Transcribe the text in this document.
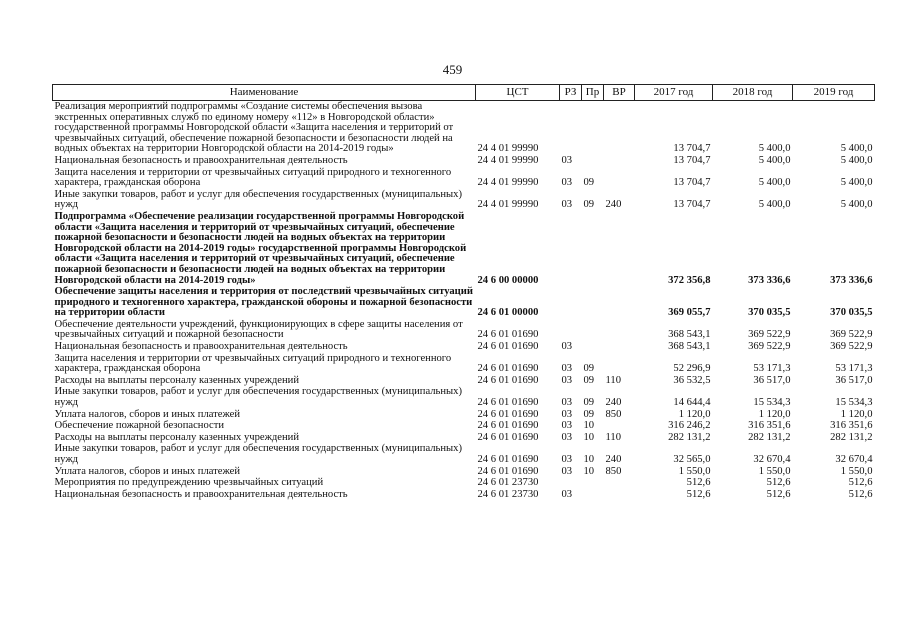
459
Наименование	ЦСТ	РЗ	Пр	ВР	2017 год	2018 год	2019 год
Реализация мероприятий подпрограммы «Создание системы обеспечения вызова экстренных оперативных служб по единому номеру «112» в Новгородской области» государственной программы Новгородской области «Защита населения и территорий от чрезвычайных ситуаций, обеспечение пожарной безопасности и безопасности людей на водных объектах на территории Новгородской области на 2014-2019 годы»	24 4 01 99990				13 704,7	5 400,0	5 400,0
Национальная безопасность и правоохранительная деятельность	24 4 01 99990	03			13 704,7	5 400,0	5 400,0
Защита населения и территории от чрезвычайных ситуаций природного и техногенного характера, гражданская оборона	24 4 01 99990	03	09		13 704,7	5 400,0	5 400,0
Иные закупки товаров, работ и услуг для обеспечения государственных (муниципальных) нужд	24 4 01 99990	03	09	240	13 704,7	5 400,0	5 400,0
Подпрограмма «Обеспечение реализации государственной программы Новгородской области «Защита населения и территорий от чрезвычайных ситуаций, обеспечение пожарной безопасности и безопасности людей на водных объектах на территории Новгородской области на 2014-2019 годы» государственной программы Новгородской области «Защита населения и территорий от чрезвычайных ситуаций, обеспечение пожарной безопасности и безопасности людей на водных объектах на территории Новгородской области на 2014-2019 годы»	24 6 00 00000				372 356,8	373 336,6	373 336,6
Обеспечение защиты населения и территория от последствий чрезвычайных ситуаций природного и техногенного характера, гражданской обороны и пожарной безопасности на территории области	24 6 01 00000				369 055,7	370 035,5	370 035,5
Обеспечение деятельности учреждений, функционирующих в сфере защиты населения от чрезвычайных ситуаций и пожарной безопасности	24 6 01 01690				368 543,1	369 522,9	369 522,9
Национальная безопасность и правоохранительная деятельность	24 6 01 01690	03			368 543,1	369 522,9	369 522,9
Защита населения и территории от чрезвычайных ситуаций природного и техногенного характера, гражданская оборона	24 6 01 01690	03	09		52 296,9	53 171,3	53 171,3
Расходы на выплаты персоналу казенных учреждений	24 6 01 01690	03	09	110	36 532,5	36 517,0	36 517,0
Иные закупки товаров, работ и услуг для обеспечения государственных (муниципальных) нужд	24 6 01 01690	03	09	240	14 644,4	15 534,3	15 534,3
Уплата налогов, сборов и иных платежей	24 6 01 01690	03	09	850	1 120,0	1 120,0	1 120,0
Обеспечение пожарной безопасности	24 6 01 01690	03	10		316 246,2	316 351,6	316 351,6
Расходы на выплаты персоналу казенных учреждений	24 6 01 01690	03	10	110	282 131,2	282 131,2	282 131,2
Иные закупки товаров, работ и услуг для обеспечения государственных (муниципальных) нужд	24 6 01 01690	03	10	240	32 565,0	32 670,4	32 670,4
Уплата налогов, сборов и иных платежей	24 6 01 01690	03	10	850	1 550,0	1 550,0	1 550,0
Мероприятия по предупреждению чрезвычайных ситуаций	24 6 01 23730				512,6	512,6	512,6
Национальная безопасность и правоохранительная деятельность	24 6 01 23730	03			512,6	512,6	512,6
